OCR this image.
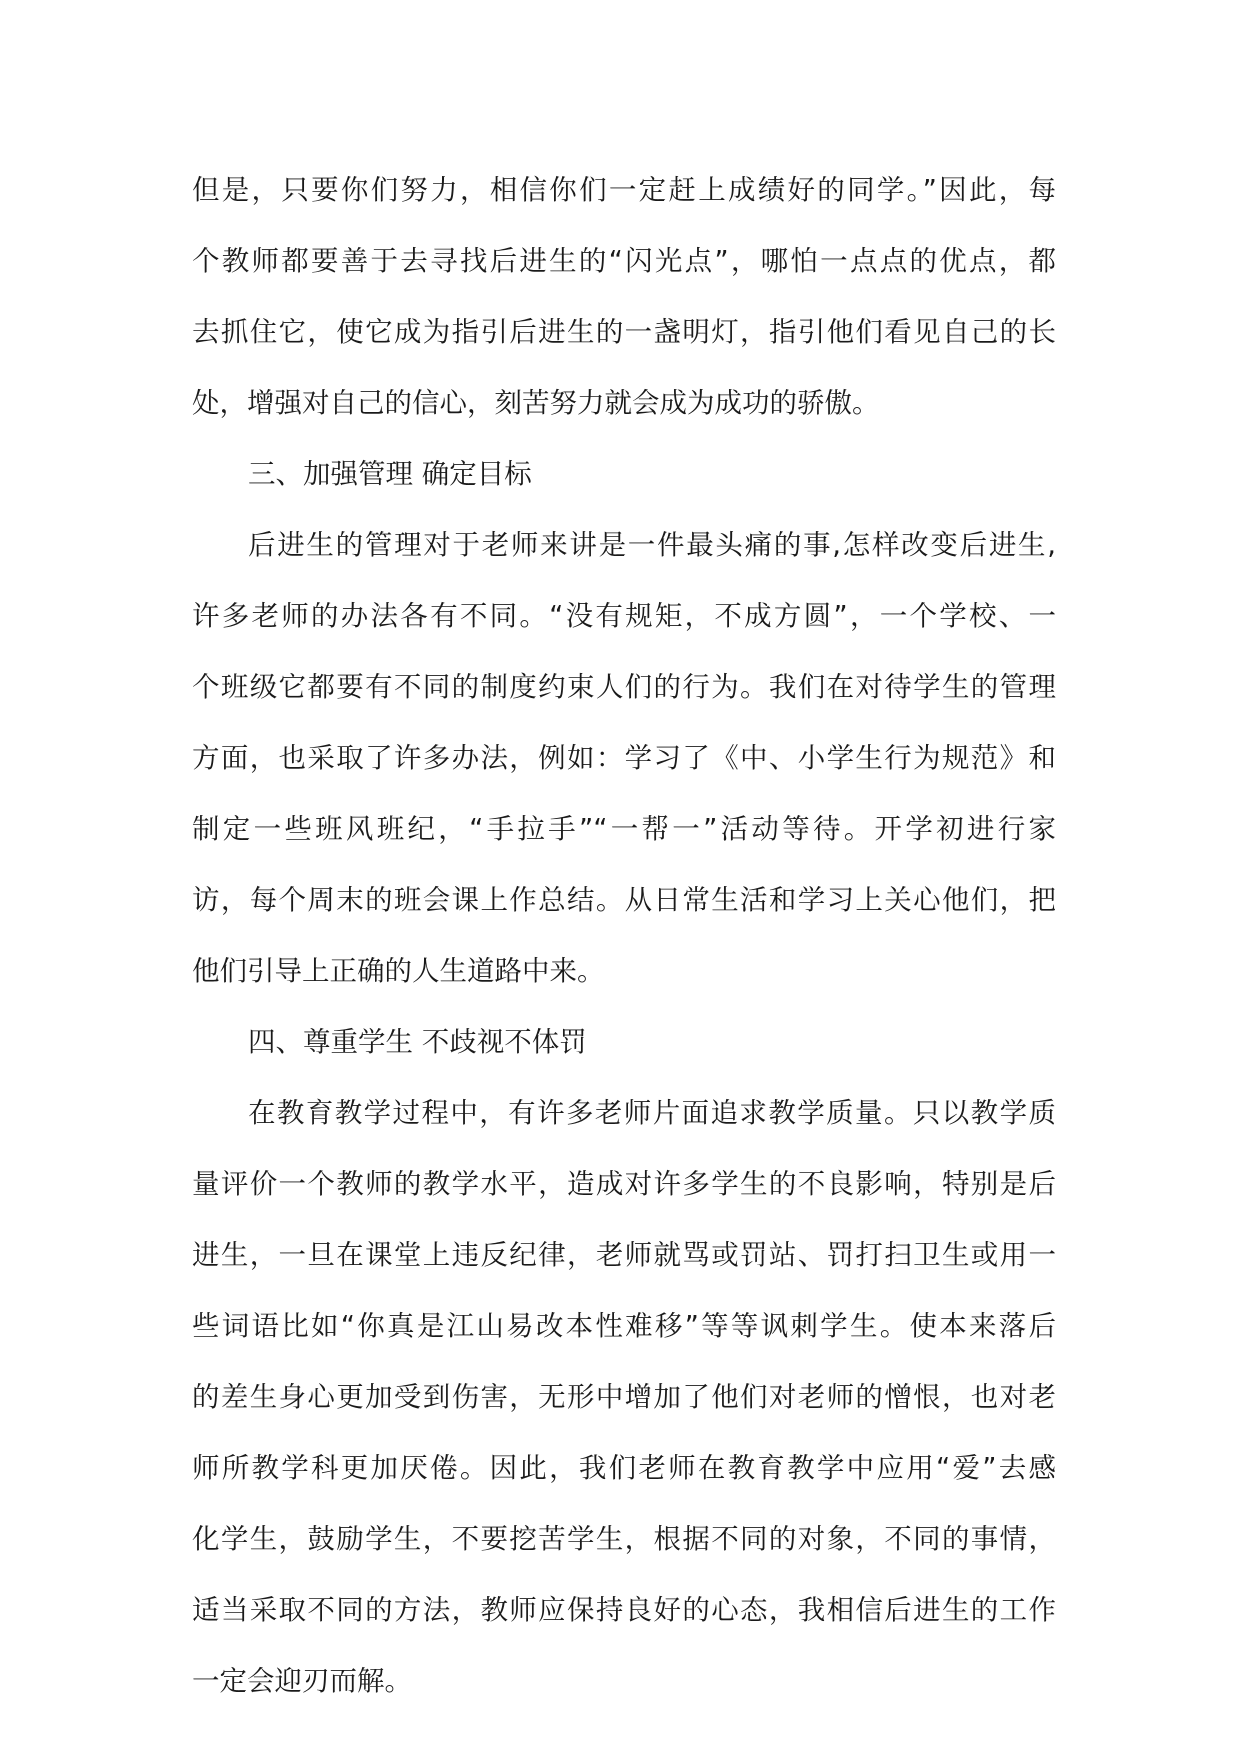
但是，只要你们努力，相信你们一定赶上成绩好的同学。”因此，每
个教师都要善于去寻找后进生的“闪光点”，哪怕一点点的优点，都
去抓住它，使它成为指引后进生的一盏明灯，指引他们看见自己的长
处，增强对自己的信心，刻苦努力就会成为成功的骄傲。
三、加强管理 确定目标
后进生的管理对于老师来讲是一件最头痛的事,怎样改变后进生,
许多老师的办法各有不同。“没有规矩，不成方圆”，一个学校、一
个班级它都要有不同的制度约束人们的行为。我们在对待学生的管理
方面，也采取了许多办法，例如：学习了《中、小学生行为规范》和
制定一些班风班纪，“手拉手”“一帮一”活动等待。开学初进行家
访，每个周末的班会课上作总结。从日常生活和学习上关心他们，把
他们引导上正确的人生道路中来。
四、尊重学生 不歧视不体罚
在教育教学过程中，有许多老师片面追求教学质量。只以教学质
量评价一个教师的教学水平，造成对许多学生的不良影响，特别是后
进生，一旦在课堂上违反纪律，老师就骂或罚站、罚打扫卫生或用一
些词语比如“你真是江山易改本性难移”等等讽刺学生。使本来落后
的差生身心更加受到伤害，无形中增加了他们对老师的憎恨，也对老
师所教学科更加厌倦。因此，我们老师在教育教学中应用“爱”去感
化学生，鼓励学生，不要挖苦学生，根据不同的对象，不同的事情，
适当采取不同的方法，教师应保持良好的心态，我相信后进生的工作
一定会迎刃而解。
